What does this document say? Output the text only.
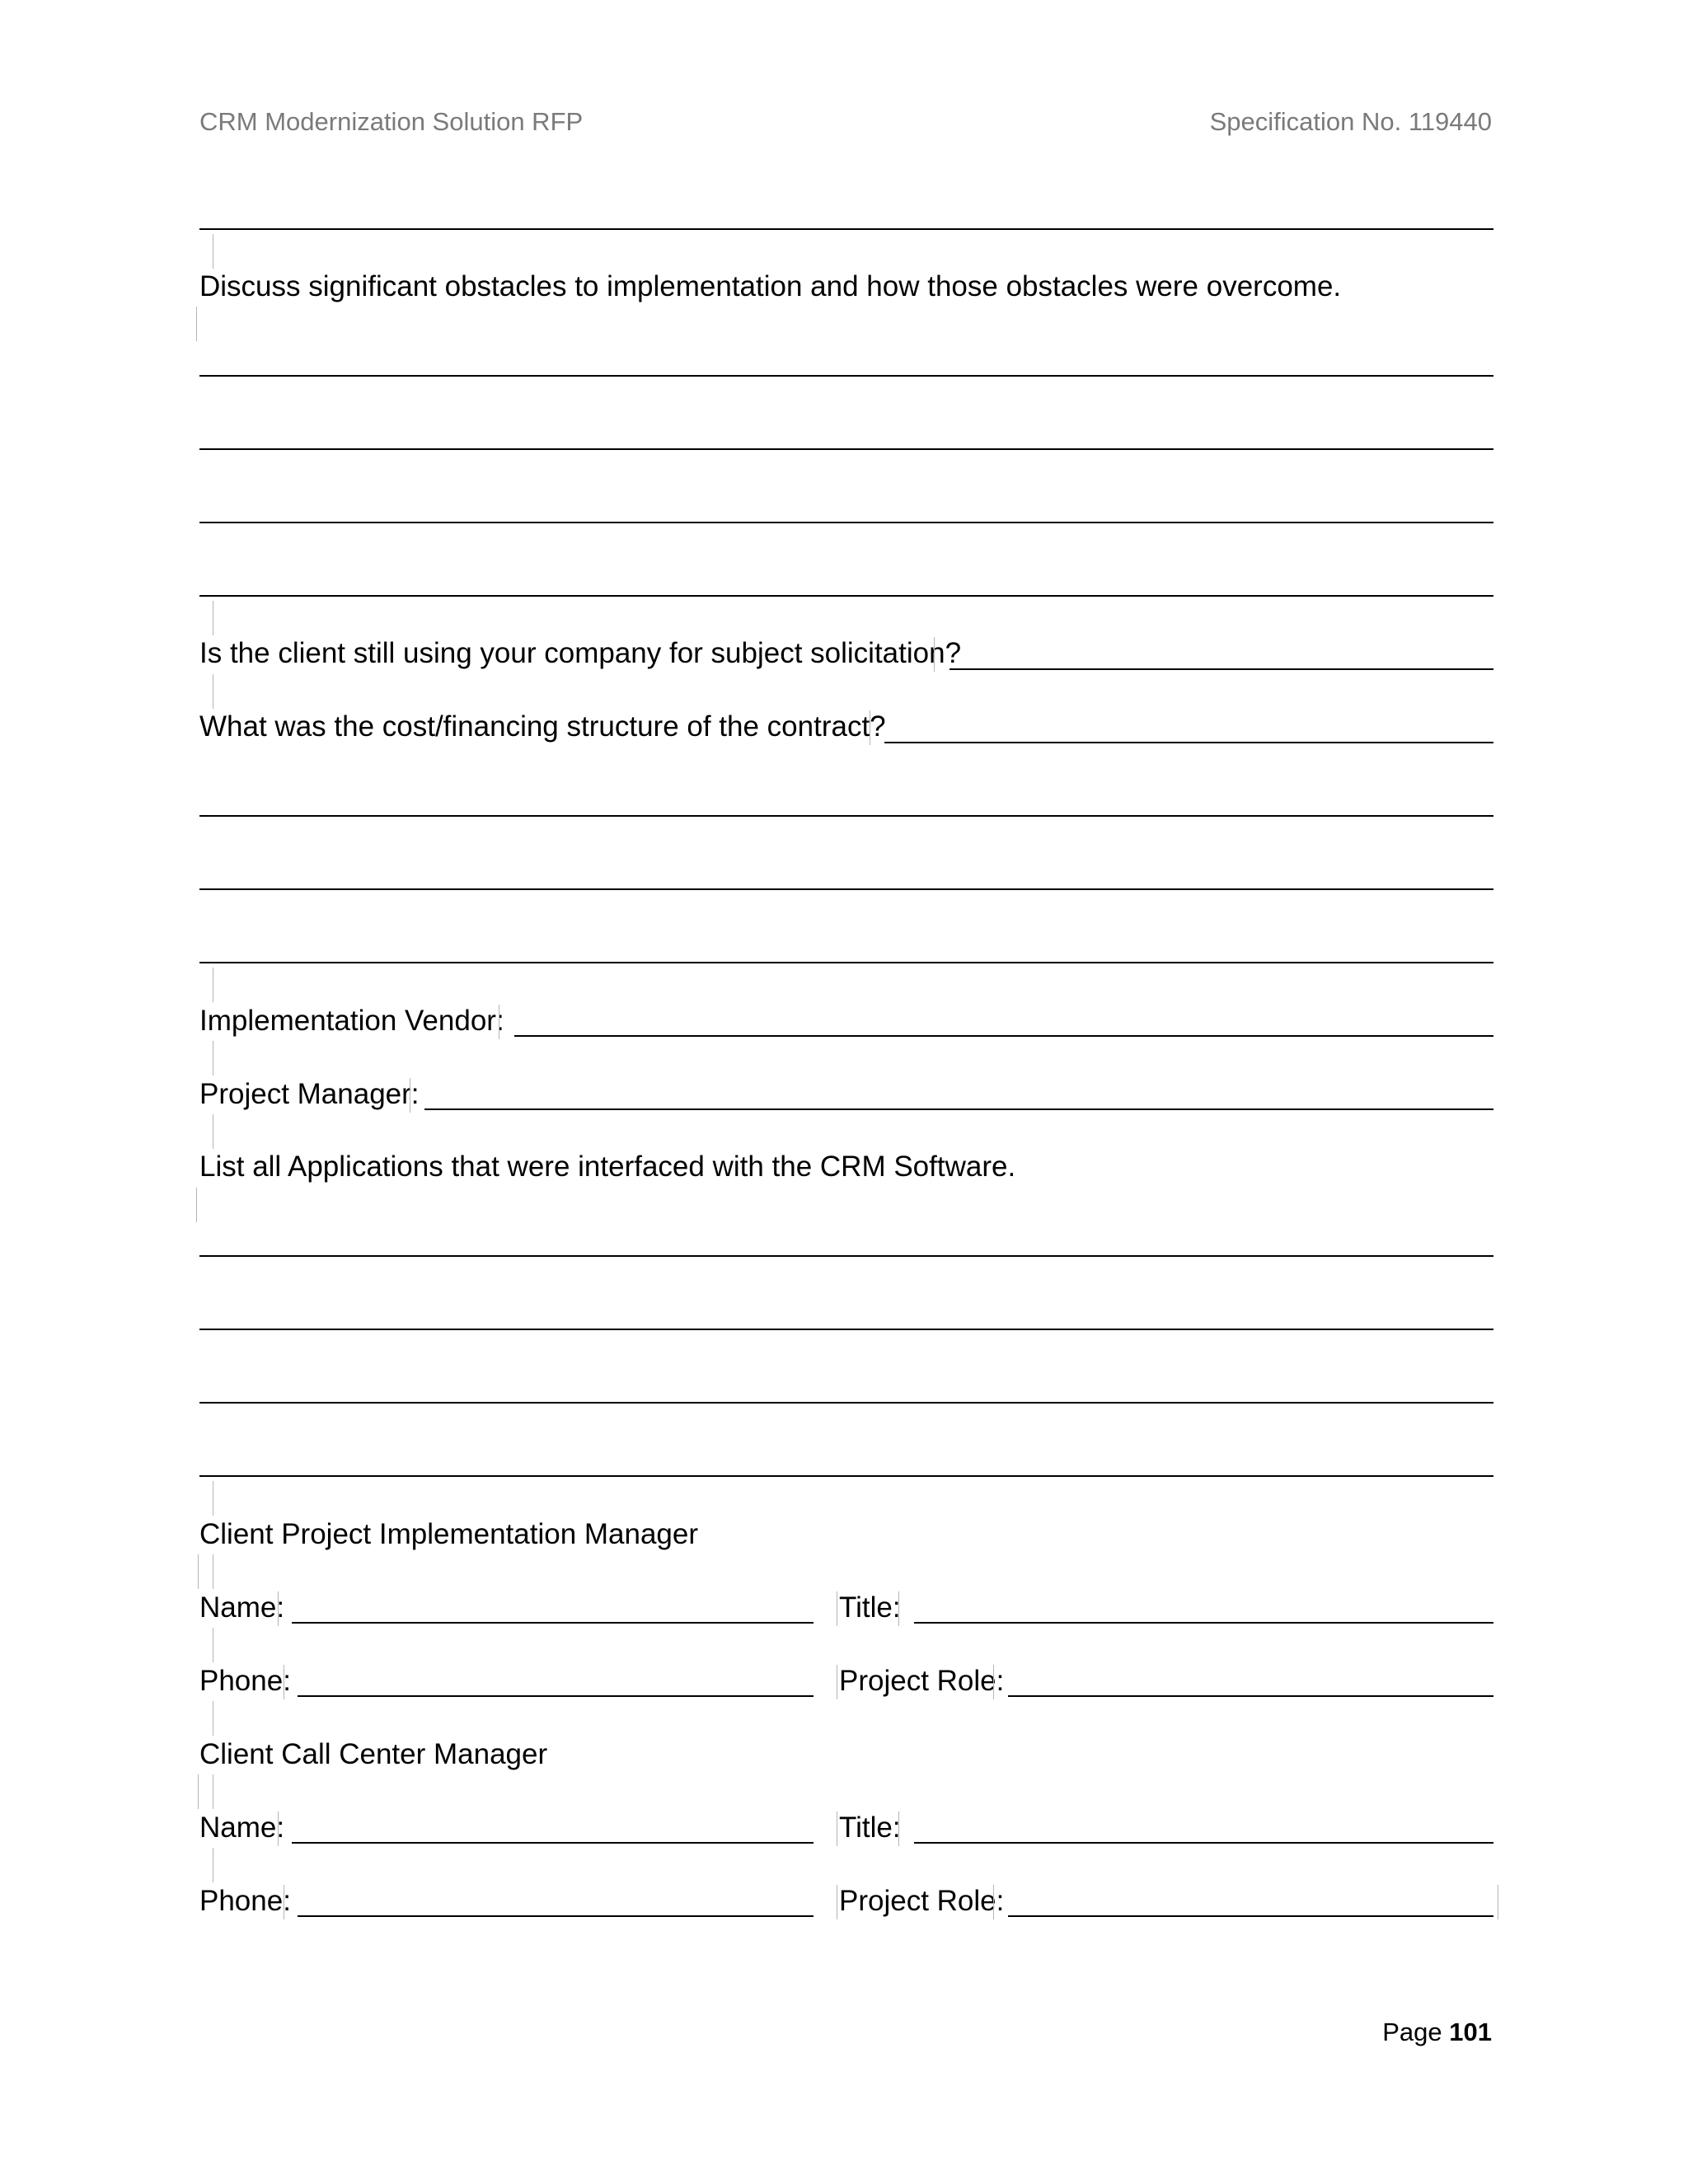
CRM Modernization Solution RFP	Specification No. 119440
Discuss significant obstacles to implementation and how those obstacles were overcome.
Is the client still using your company for subject solicitation?
What was the cost/financing structure of the contract?
Implementation Vendor:
Project Manager:
List all Applications that were interfaced with the CRM Software.
Client Project Implementation Manager
Name:	Title:
Phone:	Project Role:
Client Call Center Manager
Name:	Title:
Phone:	Project Role:
Page 101
